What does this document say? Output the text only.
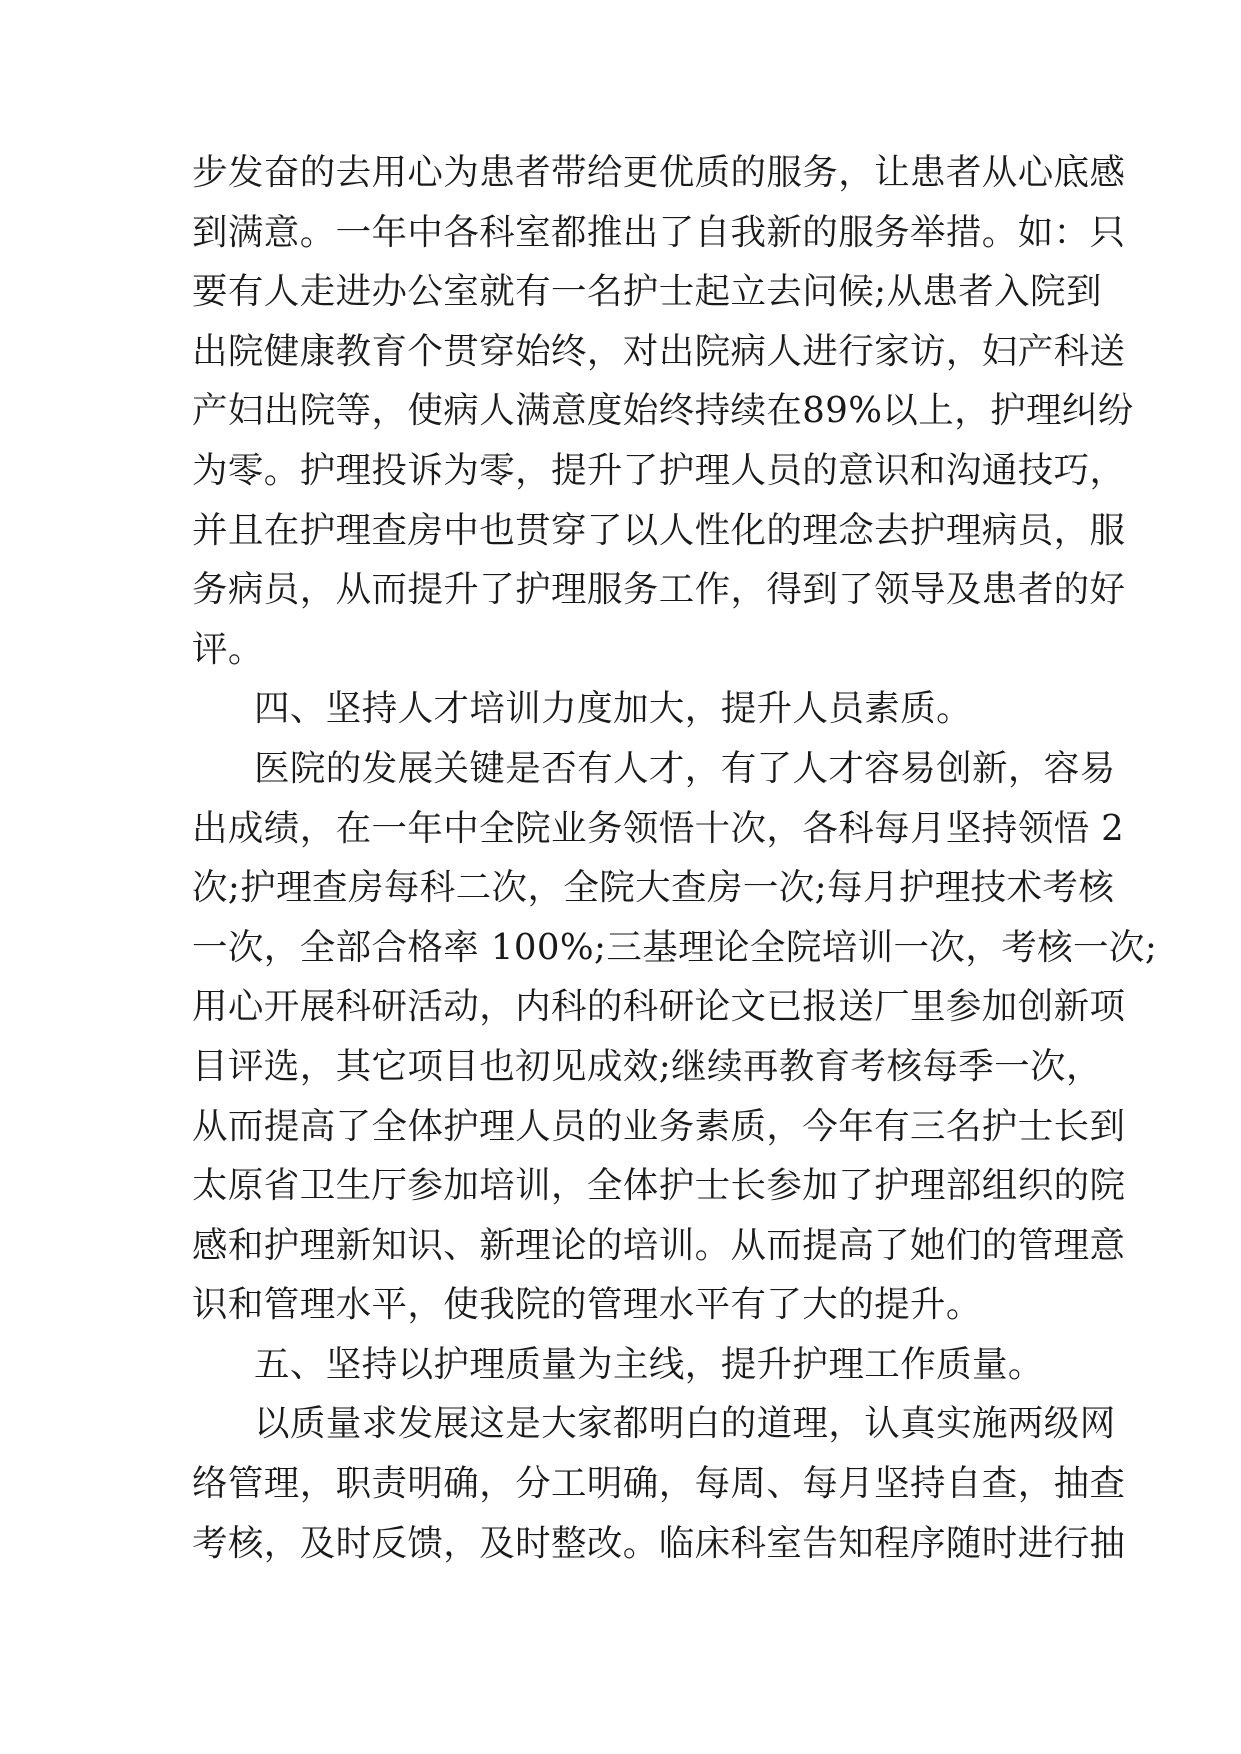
步发奋的去用心为患者带给更优质的服务，让患者从心底感

到满意。一年中各科室都推出了自我新的服务举措。如：只

要有人走进办公室就有一名护士起立去问候;从患者入院到

出院健康教育个贯穿始终，对出院病人进行家访，妇产科送

产妇出院等，使病人满意度始终持续在89%以上，护理纠纷

为零。护理投诉为零，提升了护理人员的意识和沟通技巧，

并且在护理查房中也贯穿了以人性化的理念去护理病员，服

务病员，从而提升了护理服务工作，得到了领导及患者的好

评。

四、坚持人才培训力度加大，提升人员素质。

医院的发展关键是否有人才，有了人才容易创新，容易

出成绩，在一年中全院业务领悟十次，各科每月坚持领悟 2

次;护理查房每科二次，全院大查房一次;每月护理技术考核

一次，全部合格率 100%;三基理论全院培训一次，考核一次;

用心开展科研活动，内科的科研论文已报送厂里参加创新项

目评选，其它项目也初见成效;继续再教育考核每季一次，

从而提高了全体护理人员的业务素质，今年有三名护士长到

太原省卫生厅参加培训，全体护士长参加了护理部组织的院

感和护理新知识、新理论的培训。从而提高了她们的管理意

识和管理水平，使我院的管理水平有了大的提升。

五、坚持以护理质量为主线，提升护理工作质量。

以质量求发展这是大家都明白的道理，认真实施两级网

络管理，职责明确，分工明确，每周、每月坚持自查，抽查

考核，及时反馈，及时整改。临床科室告知程序随时进行抽
